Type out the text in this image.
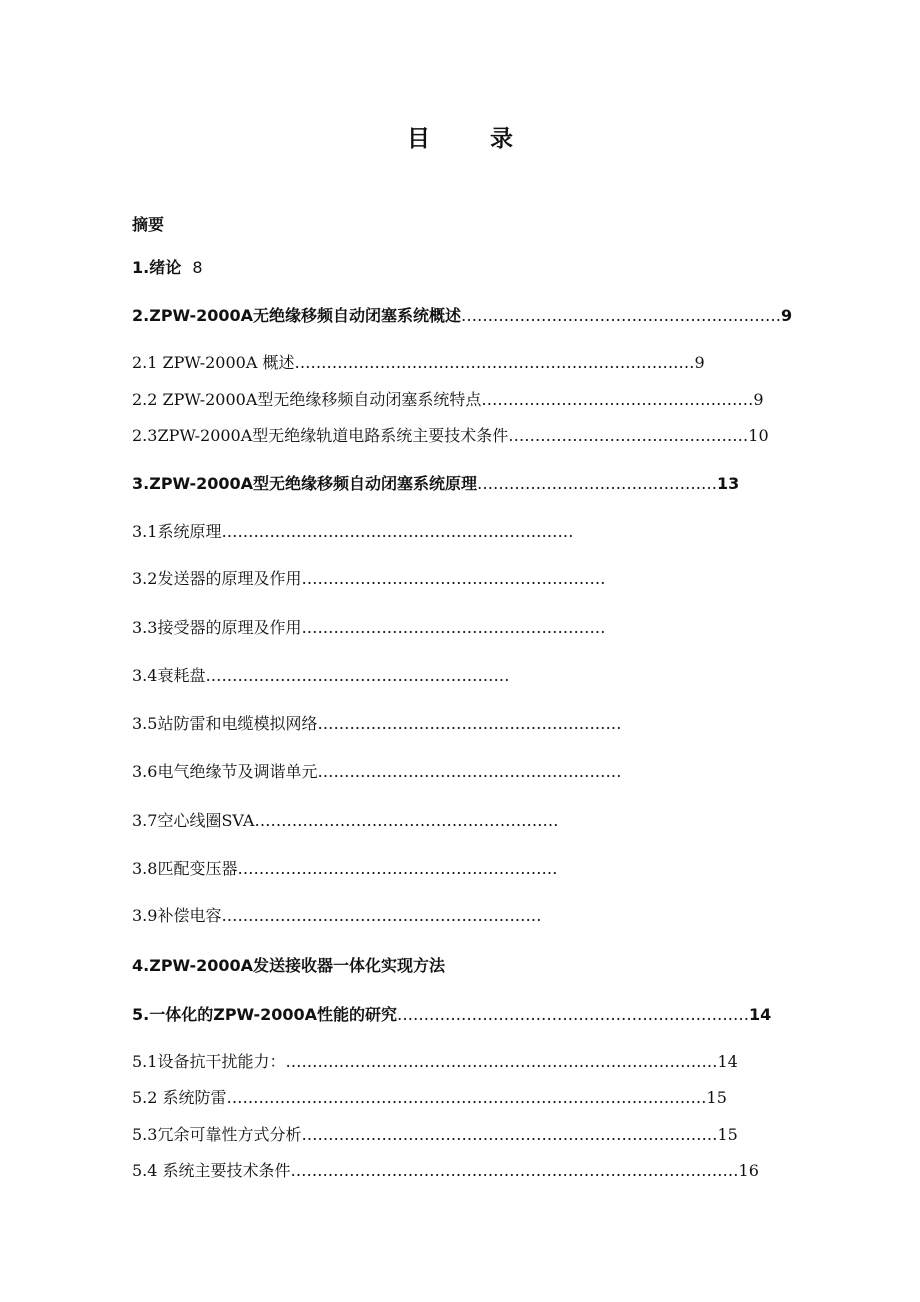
目 录
摘要
1.绪论  8
2.ZPW-2000A无绝缘移频自动闭塞系统概述……………………………………………………9
2.1 ZPW-2000A 概述…………………………………………………………………9
2.2 ZPW-2000A型无绝缘移频自动闭塞系统特点……………………………………………9
2.3ZPW-2000A型无绝缘轨道电路系统主要技术条件………………………………………10
3.ZPW-2000A型无绝缘移频自动闭塞系统原理………………………………………13
3.1系统原理…………………………………………………………
3.2发送器的原理及作用…………………………………………………
3.3接受器的原理及作用…………………………………………………
3.4衰耗盘…………………………………………………
3.5站防雷和电缆模拟网络…………………………………………………
3.6电气绝缘节及调谐单元…………………………………………………
3.7空心线圈SVA…………………………………………………
3.8匹配变压器……………………………………………………
3.9补偿电容……………………………………………………
4.ZPW-2000A发送接收器一体化实现方法
5.一体化的ZPW-2000A性能的研究…………………………………………………………14
5.1设备抗干扰能力：………………………………………………………………………14
5.2 系统防雷………………………………………………………………………………15
5.3冗余可靠性方式分析……………………………………………………………………15
5.4 系统主要技术条件…………………………………………………………………………16
